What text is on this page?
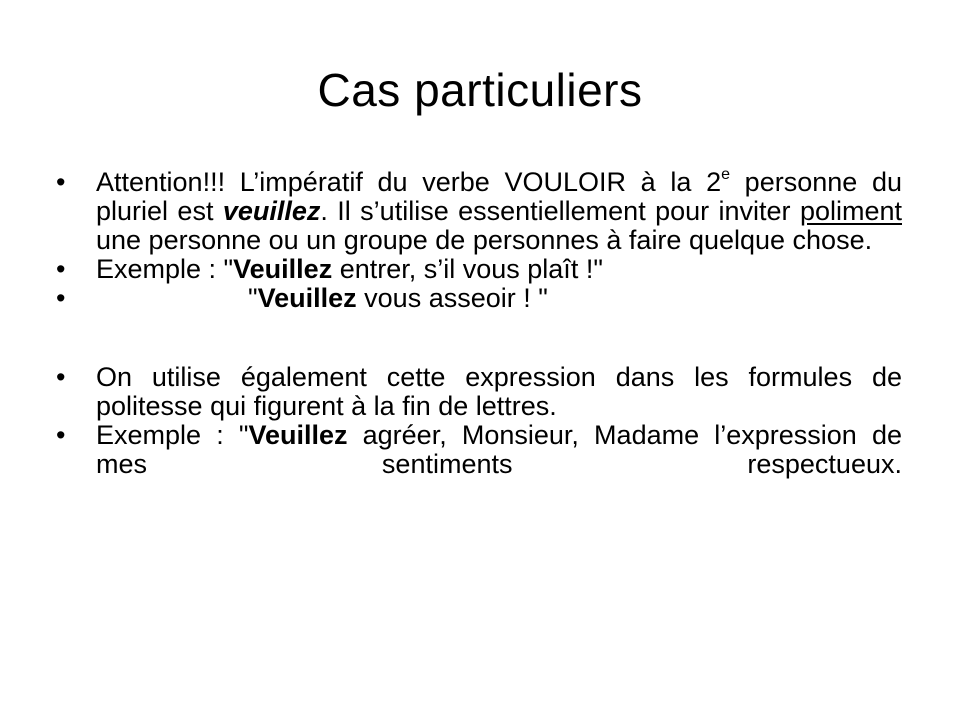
Cas particuliers
•	Attention!!! L’impératif du verbe VOULOIR à la 2e personne du pluriel est veuillez. Il s’utilise essentiellement pour inviter poliment une personne ou un groupe de personnes à faire quelque chose.
•	Exemple : "Veuillez entrer, s’il vous plaît !"
•	"Veuillez vous asseoir ! "
•	On utilise également cette expression dans les formules de politesse qui figurent à la fin de lettres.
•	Exemple : "Veuillez agréer, Monsieur, Madame l’expression de mes sentiments respectueux.
